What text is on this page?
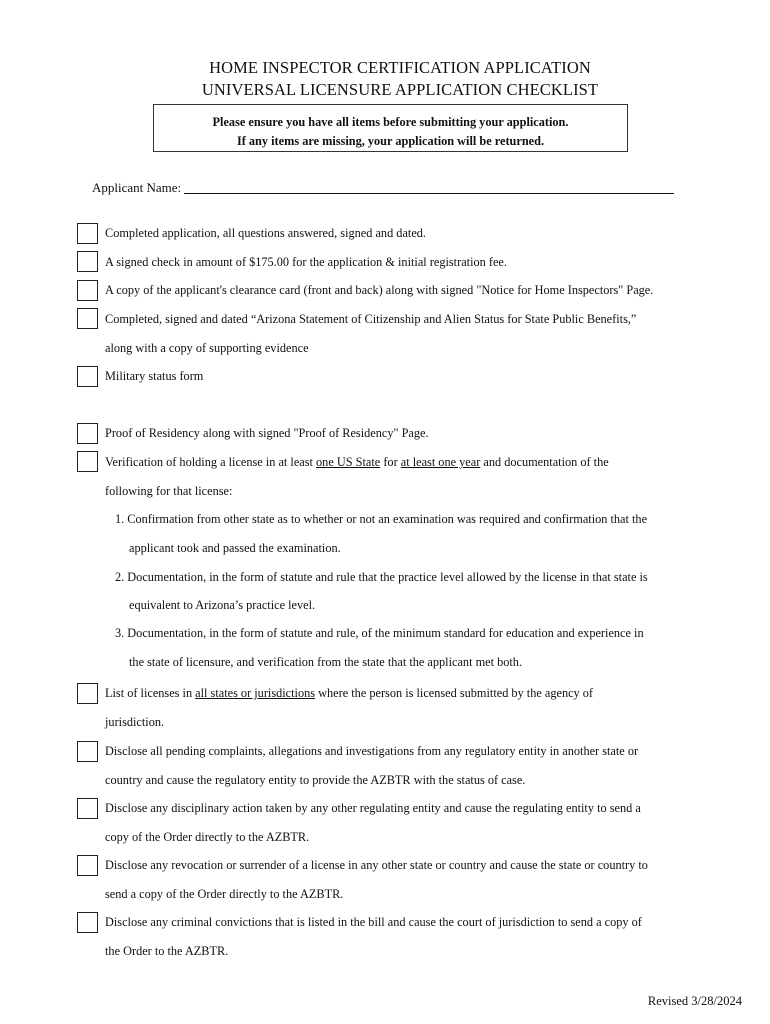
HOME INSPECTOR CERTIFICATION APPLICATION
UNIVERSAL LICENSURE APPLICATION CHECKLIST
Please ensure you have all items before submitting your application.
If any items are missing, your application will be returned.
Applicant Name:
Completed application, all questions answered, signed and dated.
A signed check in amount of $175.00 for the application & initial registration fee.
A copy of the applicant's clearance card (front and back) along with signed "Notice for Home Inspectors" Page.
Completed, signed and dated “Arizona Statement of Citizenship and Alien Status for State Public Benefits,”
along with a copy of supporting evidence
Military status form
Proof of Residency along with signed "Proof of Residency" Page.
Verification of holding a license in at least one US State for at least one year and documentation of the
following for that license:
1. Confirmation from other state as to whether or not an examination was required and confirmation that the
applicant took and passed the examination.
2. Documentation, in the form of statute and rule that the practice level allowed by the license in that state is
equivalent to Arizona’s practice level.
3. Documentation, in the form of statute and rule, of the minimum standard for education and experience in
the state of licensure, and verification from the state that the applicant met both.
List of licenses in all states or jurisdictions where the person is licensed submitted by the agency of
jurisdiction.
Disclose all pending complaints, allegations and investigations from any regulatory entity in another state or
country and cause the regulatory entity to provide the AZBTR with the status of case.
Disclose any disciplinary action taken by any other regulating entity and cause the regulating entity to send a
copy of the Order directly to the AZBTR.
Disclose any revocation or surrender of a license in any other state or country and cause the state or country to
send a copy of the Order directly to the AZBTR.
Disclose any criminal convictions that is listed in the bill and cause the court of jurisdiction to send a copy of
the Order to the AZBTR.
Revised 3/28/2024
